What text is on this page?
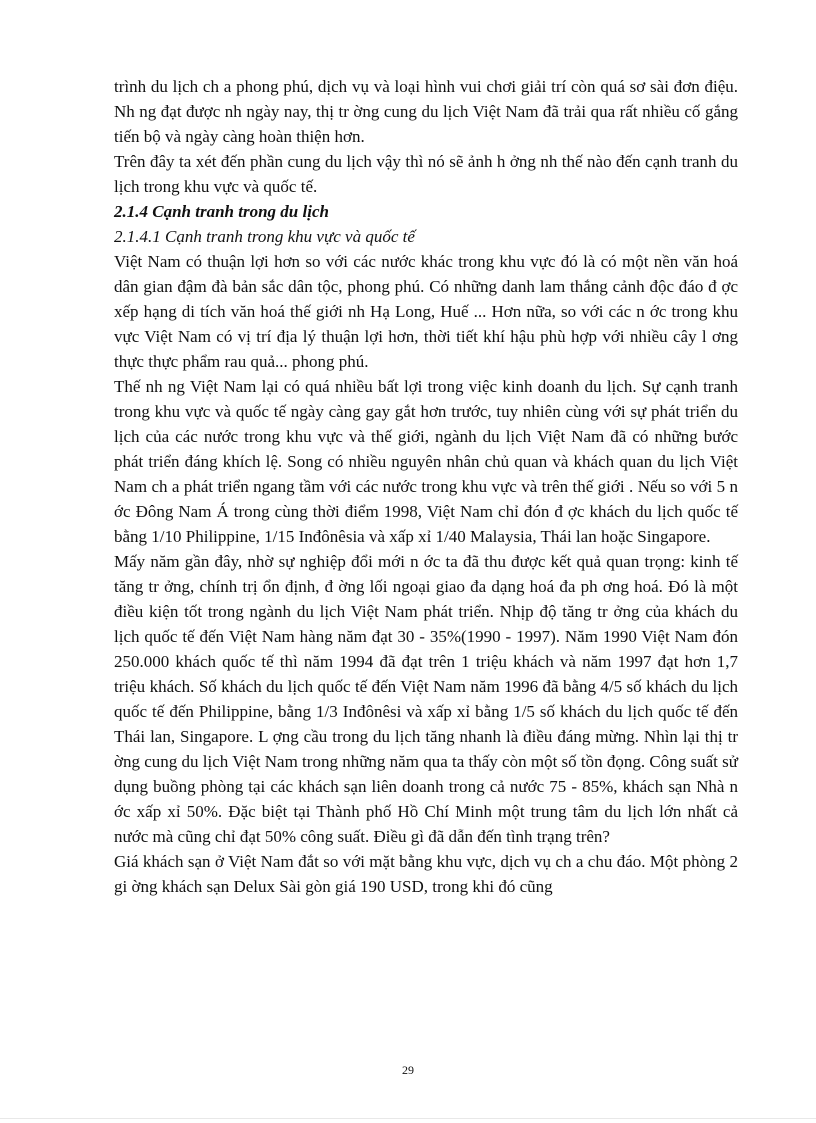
trình du lịch ch a phong phú, dịch vụ và loại hình vui chơi giải trí còn quá sơ sài đơn điệu. Nh ng đạt được nh ngày nay, thị tr ờng cung du lịch Việt Nam đã trải qua rất nhiều cố gắng tiến bộ và ngày càng hoàn thiện hơn.

Trên đây ta xét đến phần cung du lịch vậy thì nó sẽ ảnh h ởng nh thế nào đến cạnh tranh du lịch trong khu vực và quốc tế.

2.1.4 Cạnh tranh trong du lịch

2.1.4.1 Cạnh tranh trong khu vực và quốc tế

Việt Nam có thuận lợi hơn so với các nước khác trong khu vực đó là có một nền văn hoá dân gian đậm đà bản sắc dân tộc, phong phú. Có những danh lam thắng cảnh độc đáo đ ợc xếp hạng di tích văn hoá thế giới nh Hạ Long, Huế ... Hơn nữa, so với các n ớc trong khu vực Việt Nam có vị trí địa lý thuận lợi hơn, thời tiết khí hậu phù hợp với nhiều cây l ơng thực thực phẩm rau quả... phong phú.

Thế nh ng Việt Nam lại có quá nhiều bất lợi trong việc kinh doanh du lịch. Sự cạnh tranh trong khu vực và quốc tế ngày càng gay gắt hơn trước, tuy nhiên cùng với sự phát triển du lịch của các nước trong khu vực và thế giới, ngành du lịch Việt Nam đã có những bước phát triển đáng khích lệ. Song có nhiều nguyên nhân chủ quan và khách quan du lịch Việt Nam ch a phát triển ngang tầm với các nước trong khu vực và trên thế giới . Nếu so với 5 n ớc Đông Nam Á trong cùng thời điểm 1998, Việt Nam chỉ đón đ ợc khách du lịch quốc tế bằng 1/10 Philippine, 1/15 Inđônêsia và xấp xỉ 1/40 Malaysia, Thái lan hoặc Singapore.

Mấy năm gần đây, nhờ sự nghiệp đổi mới n ớc ta đã thu được kết quả quan trọng: kinh tế tăng tr ởng, chính trị ổn định, đ ờng lối ngoại giao đa dạng hoá đa ph ơng hoá. Đó là một điều kiện tốt trong ngành du lịch Việt Nam phát triển. Nhịp độ tăng tr ởng của khách du lịch quốc tế đến Việt Nam hàng năm đạt 30 - 35%(1990 - 1997). Năm 1990 Việt Nam đón 250.000 khách quốc tế thì năm 1994 đã đạt trên 1 triệu khách và năm 1997 đạt hơn 1,7 triệu khách. Số khách du lịch quốc tế đến Việt Nam năm 1996 đã bằng 4/5 số khách du lịch quốc tế đến Philippine, bằng 1/3 Inđônêsi và xấp xỉ bằng 1/5 số khách du lịch quốc tế đến Thái lan, Singapore. L ợng cầu trong du lịch tăng nhanh là điều đáng mừng. Nhìn lại thị tr ờng cung du lịch Việt Nam trong những năm qua ta thấy còn một số tồn đọng. Công suất sử dụng buồng phòng tại các khách sạn liên doanh trong cả nước 75 - 85%, khách sạn Nhà n ớc xấp xỉ 50%. Đặc biệt tại Thành phố Hồ Chí Minh một trung tâm du lịch lớn nhất cả nước mà cũng chỉ đạt 50% công suất. Điều gì đã dẫn đến tình trạng trên?

Giá khách sạn ở Việt Nam đắt so với mặt bằng khu vực, dịch vụ ch a chu đáo. Một phòng 2 gi ờng khách sạn Delux Sài gòn giá 190 USD, trong khi đó cũng

29
